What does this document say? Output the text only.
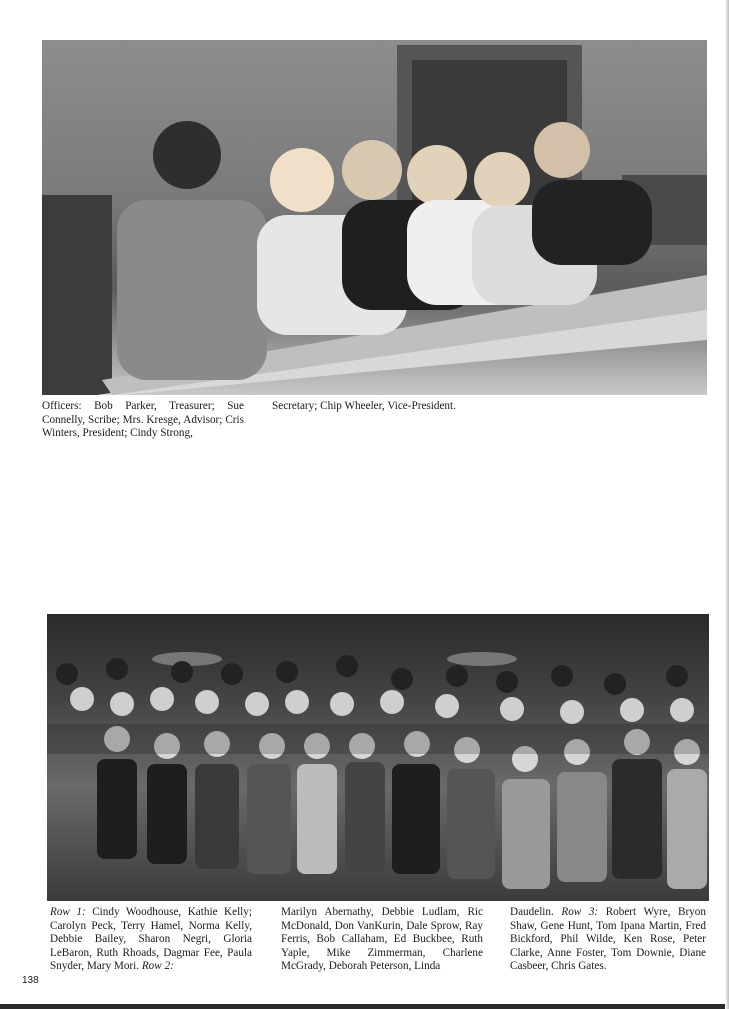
Officers: Bob Parker, Treasurer; Sue Connelly, Scribe; Mrs. Kresge, Advisor; Cris Winters, President; Cindy Strong,

Secretary; Chip Wheeler, Vice-President.

Row 1: Cindy Woodhouse, Kathie Kelly; Carolyn Peck, Terry Hamel, Norma Kelly, Debbie Bailey, Sharon Negri, Gloria LeBaron, Ruth Rhoads, Dagmar Fee, Paula Snyder, Mary Mori. Row 2:

Marilyn Abernathy, Debbie Ludlam, Ric McDonald, Don VanKurin, Dale Sprow, Ray Ferris, Bob Callaham, Ed Buckbee, Ruth Yaple, Mike Zimmerman, Charlene McGrady, Deborah Peterson, Linda

Daudelin. Row 3: Robert Wyre, Bryon Shaw, Gene Hunt, Tom Ipana Martin, Fred Bickford, Phil Wilde, Ken Rose, Peter Clarke, Anne Foster, Tom Downie, Diane Casbeer, Chris Gates.

138
